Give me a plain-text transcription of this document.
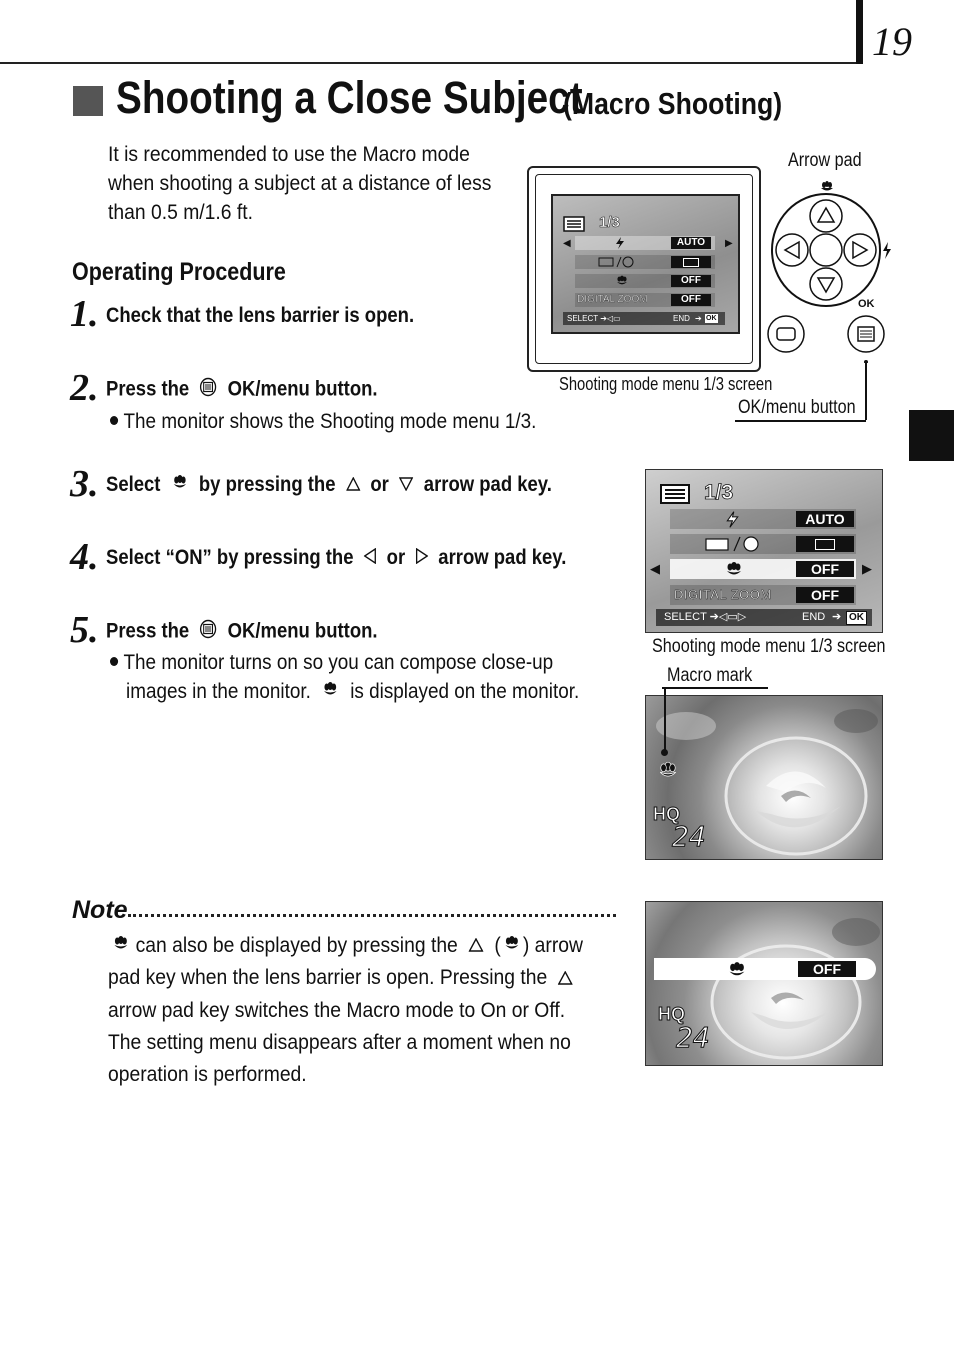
19
Shooting a Close Subject
(Macro Shooting)
It is recommended to use the Macro mode
when shooting a subject at a distance of less
than 0.5 m/1.6 ft.
Operating Procedure
1. Check that the lens barrier is open.
2. Press the OK/menu button.
The monitor shows the Shooting mode menu 1/3.
3. Select by pressing the or arrow pad key.
4. Select “ON” by pressing the or arrow pad key.
5. Press the OK/menu button.
The monitor turns on so you can compose close-up
images in the monitor. is displayed on the monitor.
Note
can also be displayed by pressing the ( ) arrow
pad key when the lens barrier is open. Pressing the
arrow pad key switches the Macro mode to On or Off.
The setting menu disappears after a moment when no
operation is performed.
1/3
◀	▶
AUTO
OFF
DIGITAL ZOOM	OFF
SELECT ➔◁▭	END ➔ OK
Shooting mode menu 1/3 screen
Arrow pad
OK
OK/menu button
1/3
AUTO
◀	▶
OFF
DIGITAL ZOOM	OFF
SELECT ➔◁▭▷	END ➔ OK
Shooting mode menu 1/3 screen
Macro mark
HQ
24
OFF
HQ
24
